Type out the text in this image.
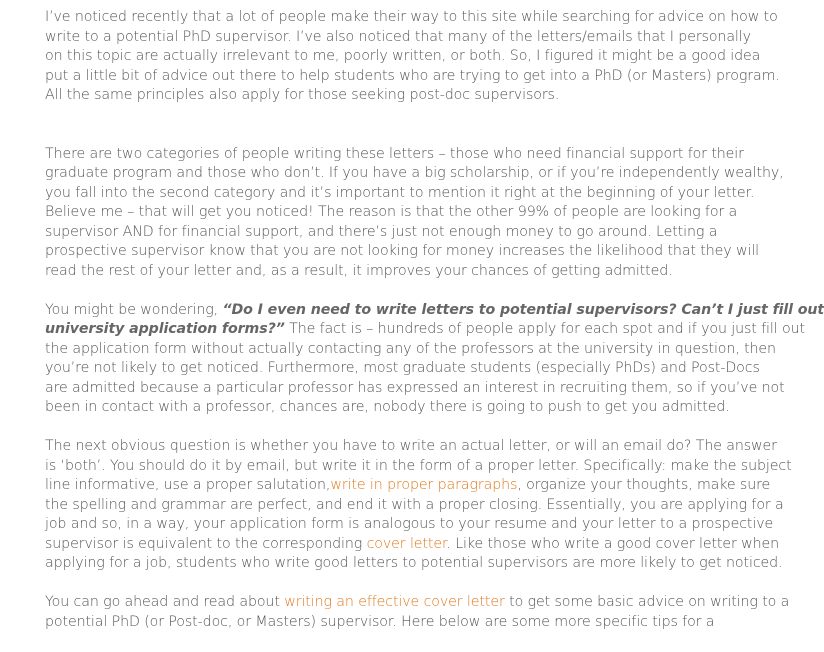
I’ve noticed recently that a lot of people make their way to this site while searching for advice on how to
write to a potential PhD supervisor. I’ve also noticed that many of the letters/emails that I personally
on this topic are actually irrelevant to me, poorly written, or both. So, I figured it might be a good idea
put a little bit of advice out there to help students who are trying to get into a PhD (or Masters) program.
All the same principles also apply for those seeking post-doc supervisors.
There are two categories of people writing these letters – those who need financial support for their
graduate program and those who don’t. If you have a big scholarship, or if you’re independently wealthy,
you fall into the second category and it’s important to mention it right at the beginning of your letter.
Believe me – that will get you noticed! The reason is that the other 99% of people are looking for a
supervisor AND for financial support, and there’s just not enough money to go around. Letting a
prospective supervisor know that you are not looking for money increases the likelihood that they will
read the rest of your letter and, as a result, it improves your chances of getting admitted.
You might be wondering, “Do I even need to write letters to potential supervisors? Can’t I just fill out
university application forms?” The fact is – hundreds of people apply for each spot and if you just fill out
the application form without actually contacting any of the professors at the university in question, then
you’re not likely to get noticed. Furthermore, most graduate students (especially PhDs) and Post-Docs
are admitted because a particular professor has expressed an interest in recruiting them, so if you’ve not
been in contact with a professor, chances are, nobody there is going to push to get you admitted.
The next obvious question is whether you have to write an actual letter, or will an email do? The answer
is ‘both’. You should do it by email, but write it in the form of a proper letter. Specifically: make the subject
line informative, use a proper salutation,write in proper paragraphs, organize your thoughts, make sure
the spelling and grammar are perfect, and end it with a proper closing. Essentially, you are applying for a
job and so, in a way, your application form is analogous to your resume and your letter to a prospective
supervisor is equivalent to the corresponding cover letter. Like those who write a good cover letter when
applying for a job, students who write good letters to potential supervisors are more likely to get noticed.
You can go ahead and read about writing an effective cover letter to get some basic advice on writing to a
potential PhD (or Post-doc, or Masters) supervisor. Here below are some more specific tips for a
